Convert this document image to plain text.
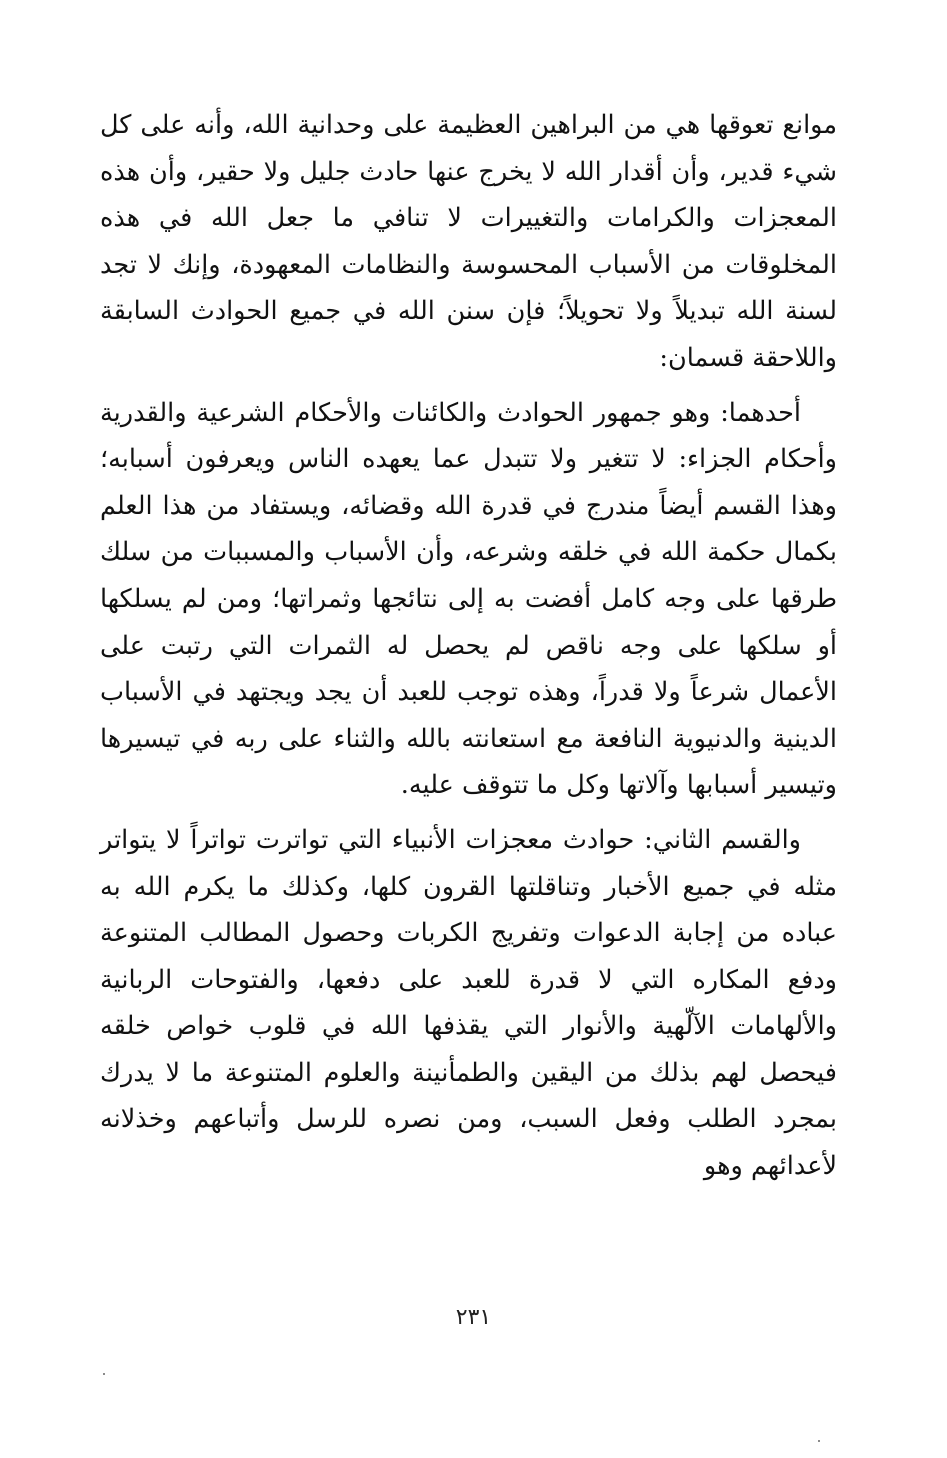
موانع تعوقها هي من البراهين العظيمة على وحدانية الله، وأنه على كل شيء قدير، وأن أقدار الله لا يخرج عنها حادث جليل ولا حقير، وأن هذه المعجزات والكرامات والتغييرات لا تنافي ما جعل الله في هذه المخلوقات من الأسباب المحسوسة والنظامات المعهودة، وإنك لا تجد لسنة الله تبديلاً ولا تحويلاً؛ فإن سنن الله في جميع الحوادث السابقة واللاحقة قسمان:

أحدهما: وهو جمهور الحوادث والكائنات والأحكام الشرعية والقدرية وأحكام الجزاء: لا تتغير ولا تتبدل عما يعهده الناس ويعرفون أسبابه؛ وهذا القسم أيضاً مندرج في قدرة الله وقضائه، ويستفاد من هذا العلم بكمال حكمة الله في خلقه وشرعه، وأن الأسباب والمسببات من سلك طرقها على وجه كامل أفضت به إلى نتائجها وثمراتها؛ ومن لم يسلكها أو سلكها على وجه ناقص لم يحصل له الثمرات التي رتبت على الأعمال شرعاً ولا قدراً، وهذه توجب للعبد أن يجد ويجتهد في الأسباب الدينية والدنيوية النافعة مع استعانته بالله والثناء على ربه في تيسيرها وتيسير أسبابها وآلاتها وكل ما تتوقف عليه.

والقسم الثاني: حوادث معجزات الأنبياء التي تواترت تواتراً لا يتواتر مثله في جميع الأخبار وتناقلتها القرون كلها، وكذلك ما يكرم الله به عباده من إجابة الدعوات وتفريج الكربات وحصول المطالب المتنوعة ودفع المكاره التي لا قدرة للعبد على دفعها، والفتوحات الربانية والألهامات الآلّهية والأنوار التي يقذفها الله في قلوب خواص خلقه فيحصل لهم بذلك من اليقين والطمأنينة والعلوم المتنوعة ما لا يدرك بمجرد الطلب وفعل السبب، ومن نصره للرسل وأتباعهم وخذلانه لأعدائهم وهو

٢٣١
